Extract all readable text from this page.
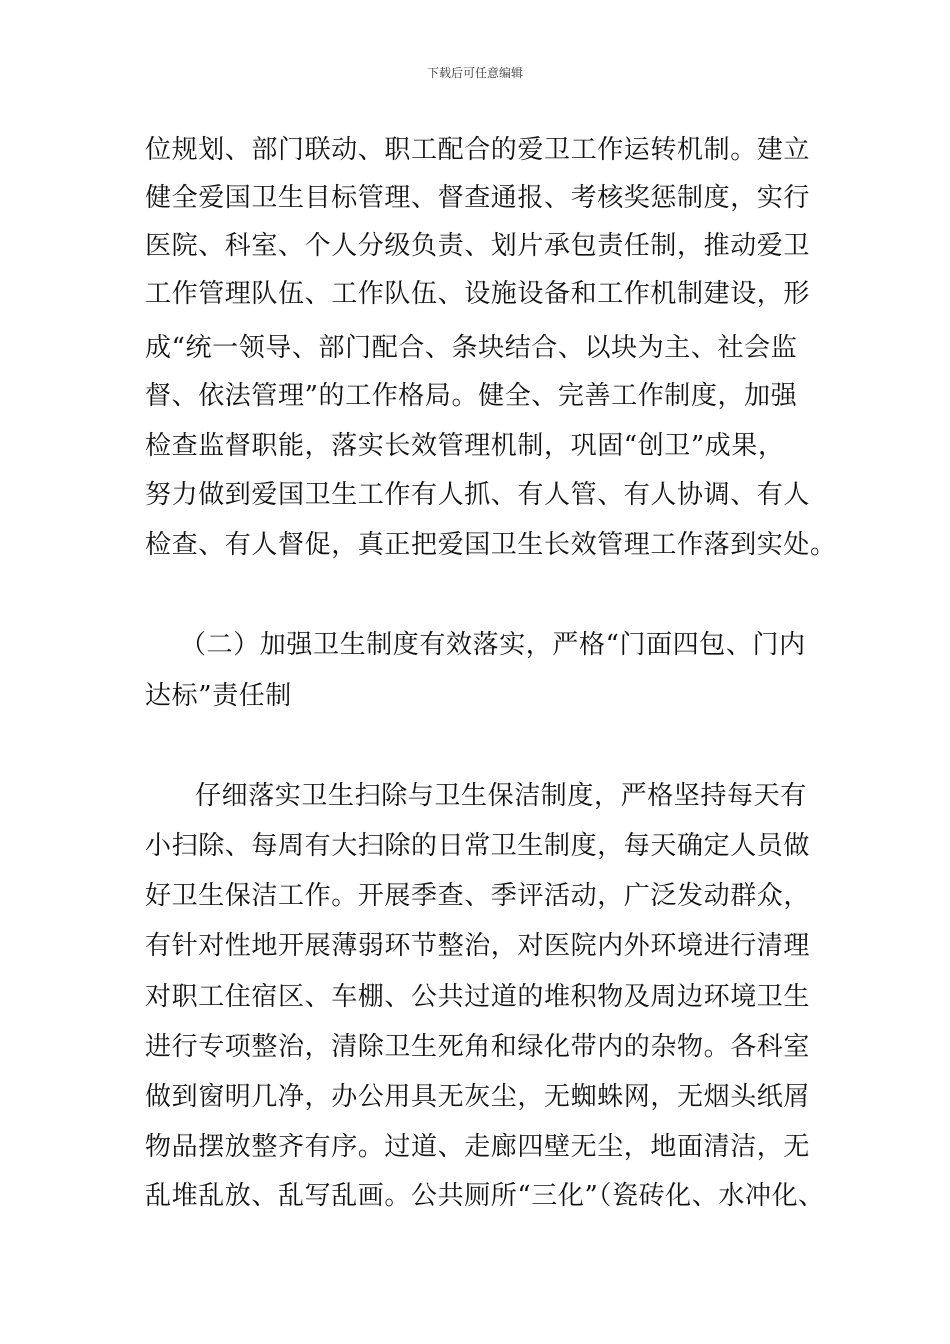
下载后可任意编辑
位规划、部门联动、职工配合的爱卫工作运转机制。建立
健全爱国卫生目标管理、督查通报、考核奖惩制度，实行
医院、科室、个人分级负责、划片承包责任制，推动爱卫
工作管理队伍、工作队伍、设施设备和工作机制建设，形
成“统一领导、部门配合、条块结合、以块为主、社会监
督、依法管理”的工作格局。健全、完善工作制度，加强
检查监督职能，落实长效管理机制，巩固“创卫”成果，
努力做到爱国卫生工作有人抓、有人管、有人协调、有人
检查、有人督促，真正把爱国卫生长效管理工作落到实处。
（二）加强卫生制度有效落实，严格“门面四包、门内
达标”责任制
仔细落实卫生扫除与卫生保洁制度，严格坚持每天有
小扫除、每周有大扫除的日常卫生制度，每天确定人员做
好卫生保洁工作。开展季查、季评活动，广泛发动群众，
有针对性地开展薄弱环节整治，对医院内外环境进行清理
对职工住宿区、车棚、公共过道的堆积物及周边环境卫生
进行专项整治，清除卫生死角和绿化带内的杂物。各科室
做到窗明几净，办公用具无灰尘，无蜘蛛网，无烟头纸屑
物品摆放整齐有序。过道、走廊四壁无尘，地面清洁，无
乱堆乱放、乱写乱画。公共厕所“三化”（瓷砖化、水冲化、
